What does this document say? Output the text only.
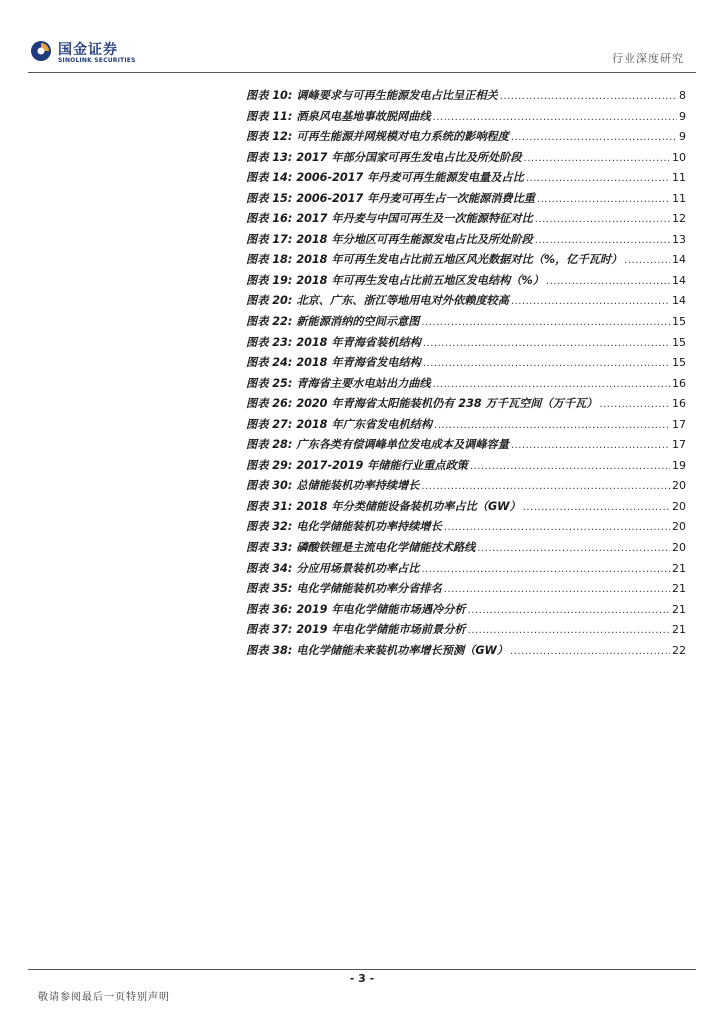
国金证券
SINOLINK SECURITIES	行业深度研究
图表 10: 调峰要求与可再生能源发电占比呈正相关 .....	8
图表 11: 酒泉风电基地事故脱网曲线 .....	9
图表 12: 可再生能源并网规模对电力系统的影响程度 .....	9
图表 13: 2017 年部分国家可再生发电占比及所处阶段 .....	10
图表 14: 2006-2017 年丹麦可再生能源发电量及占比 .....	11
图表 15: 2006-2017 年丹麦可再生占一次能源消费比重 .....	11
图表 16: 2017 年丹麦与中国可再生及一次能源特征对比 .....	12
图表 17: 2018 年分地区可再生能源发电占比及所处阶段 .....	13
图表 18: 2018 年可再生发电占比前五地区风光数据对比（%，亿千瓦时） .....	14
图表 19: 2018 年可再生发电占比前五地区发电结构（%） .....	14
图表 20: 北京、广东、浙江等地用电对外依赖度较高 .....	14
图表 22: 新能源消纳的空间示意图 .....	15
图表 23: 2018 年青海省装机结构 .....	15
图表 24: 2018 年青海省发电结构 .....	15
图表 25: 青海省主要水电站出力曲线 .....	16
图表 26: 2020 年青海省太阳能装机仍有 238 万千瓦空间（万千瓦） .....	16
图表 27: 2018 年广东省发电机结构 .....	17
图表 28: 广东各类有偿调峰单位发电成本及调峰容量 .....	17
图表 29: 2017-2019 年储能行业重点政策 .....	19
图表 30: 总储能装机功率持续增长 .....	20
图表 31: 2018 年分类储能设备装机功率占比（GW） .....	20
图表 32: 电化学储能装机功率持续增长 .....	20
图表 33: 磷酸铁锂是主流电化学储能技术路线 .....	20
图表 34: 分应用场景装机功率占比 .....	21
图表 35: 电化学储能装机功率分省排名 .....	21
图表 36: 2019 年电化学储能市场遇冷分析 .....	21
图表 37: 2019 年电化学储能市场前景分析 .....	21
图表 38: 电化学储能未来装机功率增长预测（GW） .....	22
- 3 -
敬请参阅最后一页特别声明
